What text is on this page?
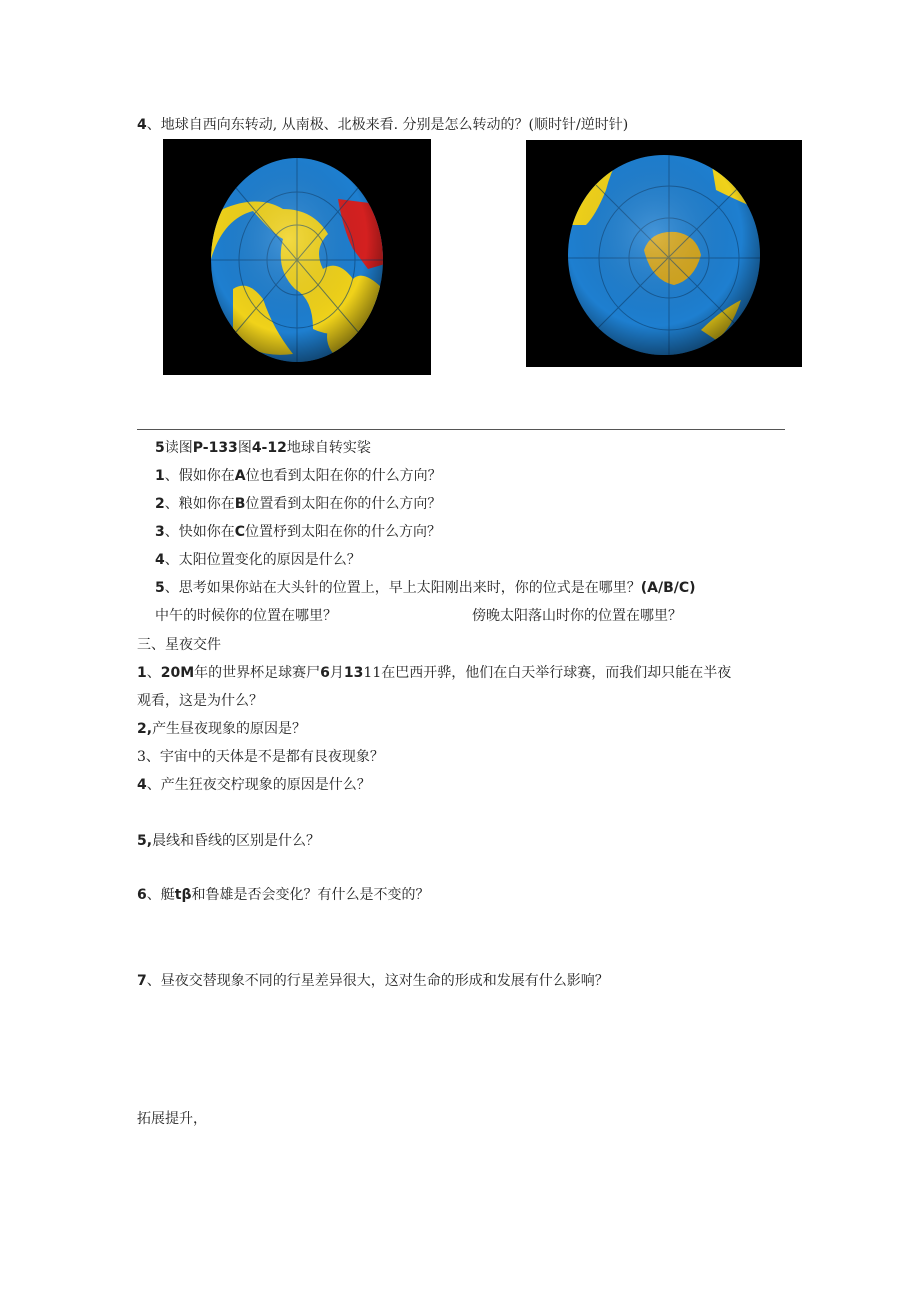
4、地球自西向东转动, 从南极、北极来看. 分别是怎么转动的？(顺时针/逆时针)
5读图P-133图4-12地球自转实裟
1、假如你在A位也看到太阳在你的什么方向？
2、粮如你在B位置看到太阳在你的什么方向？
3、快如你在C位置杼到太阳在你的什么方向？
4、太阳位置变化的原因是什么？
5、思考如果你站在大头针的位置上，早上太阳刚出来时，你的位式是在哪里？(A/B/C)
中午的时候你的位置在哪里？	傍晚太阳落山时你的位置在哪里？
三、星夜交件
1、20M年的世界杯足球赛尸6月1311在巴西开骅，他们在白天举行球赛，而我们却只能在半夜
观看，这是为什么？
2,产生昼夜现象的原因是？
3、宇宙中的天体是不是都有艮夜现象？
4、产生狂夜交柠现象的原因是什么？
5,晨线和昏线的区别是什么？
6、艇tβ和鲁雄是否会变化？有什么是不变的？
7、昼夜交替现象不同的行星差异很大，这对生命的形成和发展有什么影响？
拓展提升，
